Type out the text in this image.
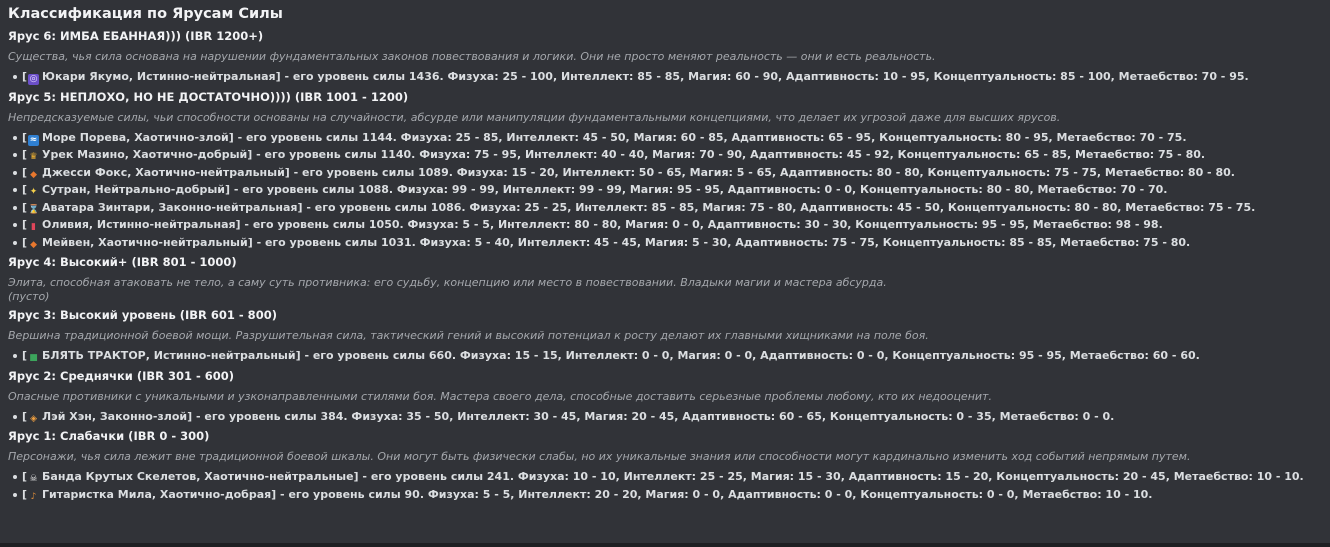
Классификация по Ярусам Силы
Ярус 6: ИМБА ЕБАННАЯ))) (IBR 1200+)
Существа, чья сила основана на нарушении фундаментальных законов повествования и логики. Они не просто меняют реальность — они и есть реальность.
[ ◎ Юкари Якумо, Истинно-нейтральная] - его уровень силы 1436. Физуха: 25 - 100, Интеллект: 85 - 85, Магия: 60 - 90, Адаптивность: 10 - 95, Концептуальность: 85 - 100, Метаебство: 70 - 95.
Ярус 5: НЕПЛОХО, НО НЕ ДОСТАТОЧНО)))) (IBR 1001 - 1200)
Непредсказуемые силы, чьи способности основаны на случайности, абсурде или манипуляции фундаментальными концепциями, что делает их угрозой даже для высших ярусов.
[ ≈ Море Порева, Хаотично-злой] - его уровень силы 1144. Физуха: 25 - 85, Интеллект: 45 - 50, Магия: 60 - 85, Адаптивность: 65 - 95, Концептуальность: 80 - 95, Метаебство: 70 - 75.
[ ♛ Урек Мазино, Хаотично-добрый] - его уровень силы 1140. Физуха: 75 - 95, Интеллект: 40 - 40, Магия: 70 - 90, Адаптивность: 45 - 92, Концептуальность: 65 - 85, Метаебство: 75 - 80.
[ ◆ Джесси Фокс, Хаотично-нейтральный] - его уровень силы 1089. Физуха: 15 - 20, Интеллект: 50 - 65, Магия: 5 - 65, Адаптивность: 80 - 80, Концептуальность: 75 - 75, Метаебство: 80 - 80.
[ ✦ Сутран, Нейтрально-добрый] - его уровень силы 1088. Физуха: 99 - 99, Интеллект: 99 - 99, Магия: 95 - 95, Адаптивность: 0 - 0, Концептуальность: 80 - 80, Метаебство: 70 - 70.
[⌛ Аватара Зинтари, Законно-нейтральная] - его уровень силы 1086. Физуха: 25 - 25, Интеллект: 85 - 85, Магия: 75 - 80, Адаптивность: 45 - 50, Концептуальность: 80 - 80, Метаебство: 75 - 75.
[ ▮ Оливия, Истинно-нейтральная] - его уровень силы 1050. Физуха: 5 - 5, Интеллект: 80 - 80, Магия: 0 - 0, Адаптивность: 30 - 30, Концептуальность: 95 - 95, Метаебство: 98 - 98.
[ ◆ Мейвен, Хаотично-нейтральный] - его уровень силы 1031. Физуха: 5 - 40, Интеллект: 45 - 45, Магия: 5 - 30, Адаптивность: 75 - 75, Концептуальность: 85 - 85, Метаебство: 75 - 80.
Ярус 4: Высокий+ (IBR 801 - 1000)
Элита, способная атаковать не тело, а саму суть противника: его судьбу, концепцию или место в повествовании. Владыки магии и мастера абсурда.
(пусто)
Ярус 3: Высокий уровень (IBR 601 - 800)
Вершина традиционной боевой мощи. Разрушительная сила, тактический гений и высокий потенциал к росту делают их главными хищниками на поле боя.
[ ■ БЛЯТЬ ТРАКТОР, Истинно-нейтральный] - его уровень силы 660. Физуха: 15 - 15, Интеллект: 0 - 0, Магия: 0 - 0, Адаптивность: 0 - 0, Концептуальность: 95 - 95, Метаебство: 60 - 60.
Ярус 2: Среднячки (IBR 301 - 600)
Опасные противники с уникальными и узконаправленными стилями боя. Мастера своего дела, способные доставить серьезные проблемы любому, кто их недооценит.
[ ◈ Лэй Хэн, Законно-злой] - его уровень силы 384. Физуха: 35 - 50, Интеллект: 30 - 45, Магия: 20 - 45, Адаптивность: 60 - 65, Концептуальность: 0 - 35, Метаебство: 0 - 0.
Ярус 1: Слабачки (IBR 0 - 300)
Персонажи, чья сила лежит вне традиционной боевой шкалы. Они могут быть физически слабы, но их уникальные знания или способности могут кардинально изменить ход событий непрямым путем.
[ ☠ Банда Крутых Скелетов, Хаотично-нейтральные] - его уровень силы 241. Физуха: 10 - 10, Интеллект: 25 - 25, Магия: 15 - 30, Адаптивность: 15 - 20, Концептуальность: 20 - 45, Метаебство: 10 - 10.
[ ♪ Гитаристка Мила, Хаотично-добрая] - его уровень силы 90. Физуха: 5 - 5, Интеллект: 20 - 20, Магия: 0 - 0, Адаптивность: 0 - 0, Концептуальность: 0 - 0, Метаебство: 10 - 10.
